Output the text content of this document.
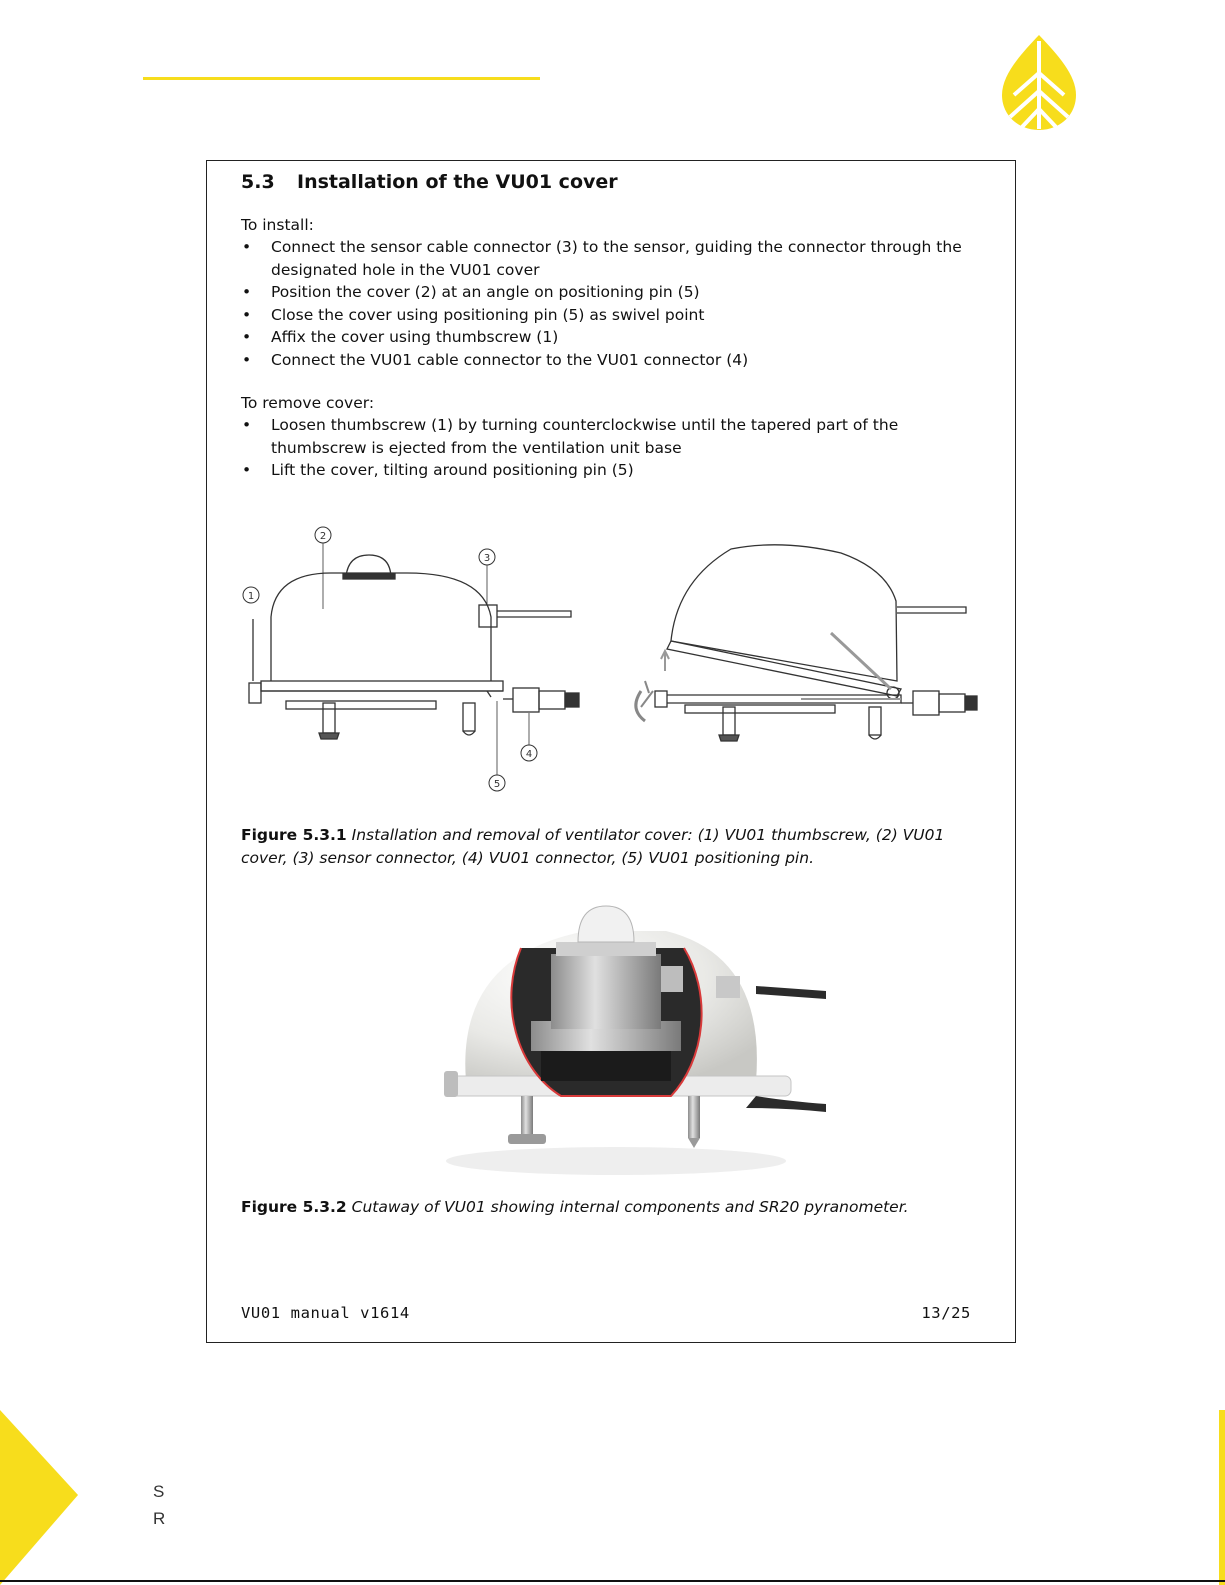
5.3 Installation of the VU01 cover

To install:

• Connect the sensor cable connector (3) to the sensor, guiding the connector through the designated hole in the VU01 cover
• Position the cover (2) at an angle on positioning pin (5)
• Close the cover using positioning pin (5) as swivel point
• Affix the cover using thumbscrew (1)
• Connect the VU01 cable connector to the VU01 connector (4)

To remove cover:

• Loosen thumbscrew (1) by turning counterclockwise until the tapered part of the thumbscrew is ejected from the ventilation unit base
• Lift the cover, tilting around positioning pin (5)
2
1
3
4
5

Figure 5.3.1 Installation and removal of ventilator cover: (1) VU01 thumbscrew, (2) VU01 cover, (3) sensor connector, (4) VU01 connector, (5) VU01 positioning pin.

Figure 5.3.2 Cutaway of VU01 showing internal components and SR20 pyranometer.

VU01 manual v1614	13/25
S
R
